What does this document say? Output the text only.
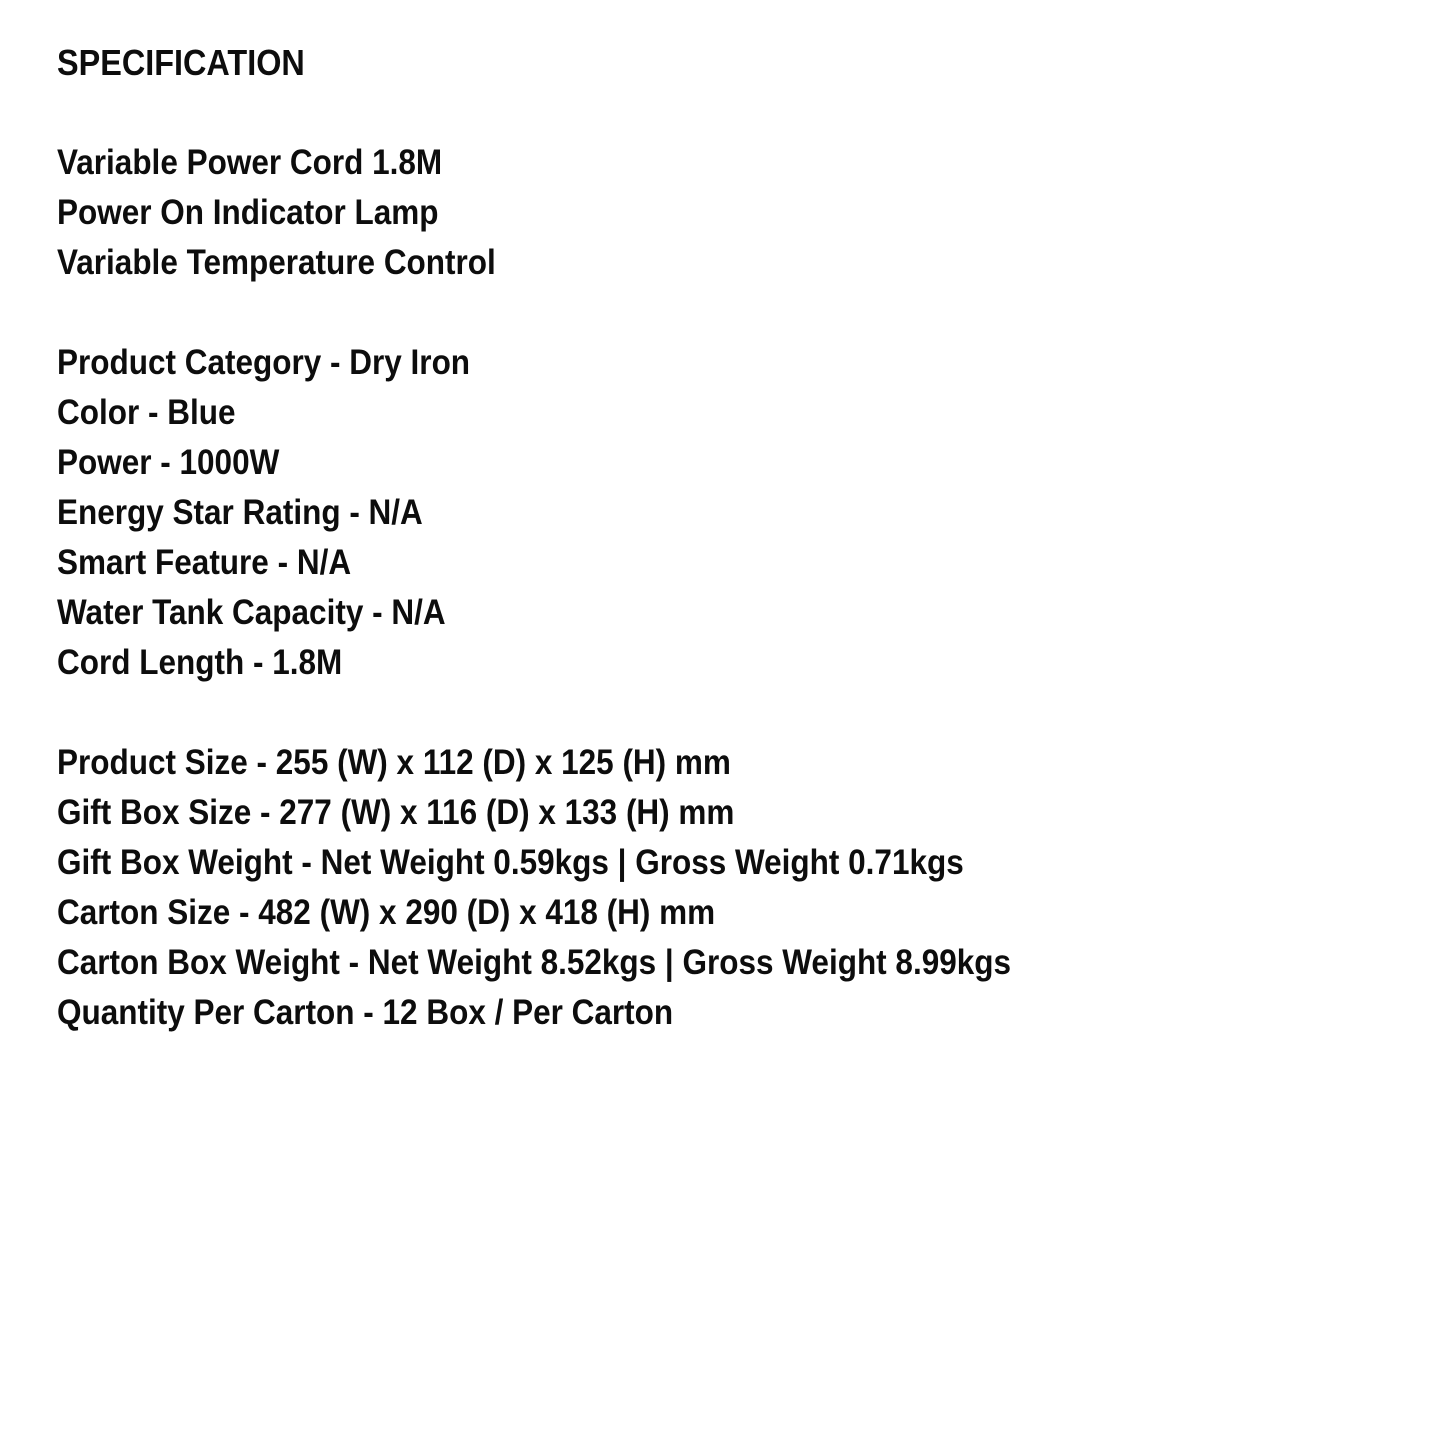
SPECIFICATION

Variable Power Cord 1.8M

Power On Indicator Lamp

Variable Temperature Control

Product Category - Dry Iron

Color - Blue

Power - 1000W

Energy Star Rating - N/A

Smart Feature - N/A

Water Tank Capacity - N/A

Cord Length - 1.8M

Product Size - 255 (W) x 112 (D) x 125 (H) mm

Gift Box Size - 277 (W) x 116 (D) x 133 (H) mm

Gift Box Weight - Net Weight 0.59kgs | Gross Weight 0.71kgs

Carton Size - 482 (W) x 290 (D) x 418 (H) mm

Carton Box Weight - Net Weight 8.52kgs | Gross Weight 8.99kgs

Quantity Per Carton - 12 Box / Per Carton
